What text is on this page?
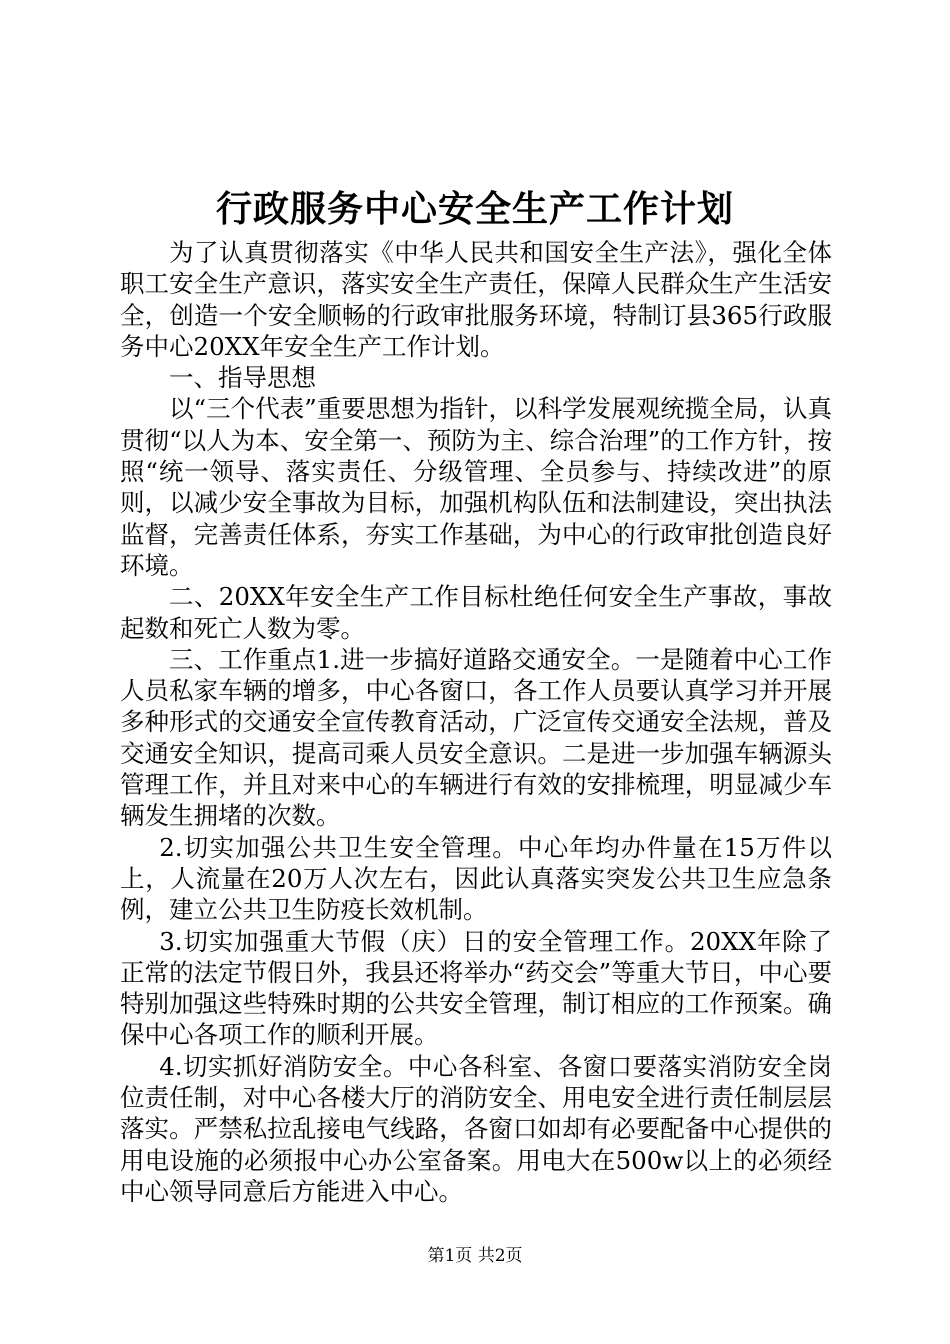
行政服务中心安全生产工作计划

为了认真贯彻落实《中华人民共和国安全生产法》，强化全体职工安全生产意识，落实安全生产责任，保障人民群众生产生活安全，创造一个安全顺畅的行政审批服务环境，特制订县365行政服务中心20XX年安全生产工作计划。

一、指导思想

以“三个代表”重要思想为指针，以科学发展观统揽全局，认真贯彻“以人为本、安全第一、预防为主、综合治理”的工作方针，按照“统一领导、落实责任、分级管理、全员参与、持续改进”的原则，以减少安全事故为目标，加强机构队伍和法制建设，突出执法监督，完善责任体系，夯实工作基础，为中心的行政审批创造良好环境。

二、20XX年安全生产工作目标杜绝任何安全生产事故，事故起数和死亡人数为零。

三、工作重点1.进一步搞好道路交通安全。一是随着中心工作人员私家车辆的增多，中心各窗口，各工作人员要认真学习并开展多种形式的交通安全宣传教育活动，广泛宣传交通安全法规，普及交通安全知识，提高司乘人员安全意识。二是进一步加强车辆源头管理工作，并且对来中心的车辆进行有效的安排梳理，明显减少车辆发生拥堵的次数。

2.切实加强公共卫生安全管理。中心年均办件量在15万件以上，人流量在20万人次左右，因此认真落实突发公共卫生应急条例，建立公共卫生防疫长效机制。

3.切实加强重大节假（庆）日的安全管理工作。20XX年除了正常的法定节假日外，我县还将举办“药交会”等重大节日，中心要特别加强这些特殊时期的公共安全管理，制订相应的工作预案。确保中心各项工作的顺利开展。

4.切实抓好消防安全。中心各科室、各窗口要落实消防安全岗位责任制，对中心各楼大厅的消防安全、用电安全进行责任制层层落实。严禁私拉乱接电气线路，各窗口如却有必要配备中心提供的用电设施的必须报中心办公室备案。用电大在500w以上的必须经中心领导同意后方能进入中心。

第1页 共2页
